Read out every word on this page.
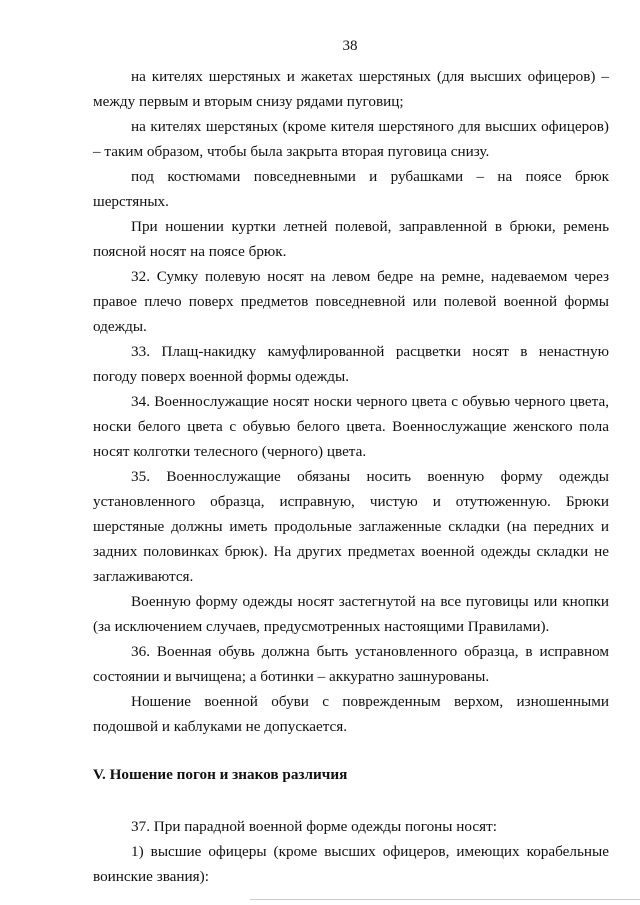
38

на кителях шерстяных и жакетах шерстяных (для высших офицеров) – между первым и вторым снизу рядами пуговиц;

на кителях шерстяных (кроме кителя шерстяного для высших офицеров) – таким образом, чтобы была закрыта вторая пуговица снизу.

под костюмами повседневными и рубашками – на поясе брюк шерстяных.

При ношении куртки летней полевой, заправленной в брюки, ремень поясной носят на поясе брюк.

32. Сумку полевую носят на левом бедре на ремне, надеваемом через правое плечо поверх предметов повседневной или полевой военной формы одежды.

33. Плащ-накидку камуфлированной расцветки носят в ненастную погоду поверх военной формы одежды.

34. Военнослужащие носят носки черного цвета с обувью черного цвета, носки белого цвета с обувью белого цвета. Военнослужащие женского пола носят колготки телесного (черного) цвета.

35. Военнослужащие обязаны носить военную форму одежды установленного образца, исправную, чистую и отутюженную. Брюки шерстяные должны иметь продольные заглаженные складки (на передних и задних половинках брюк). На других предметах военной одежды складки не заглаживаются.

Военную форму одежды носят застегнутой на все пуговицы или кнопки (за исключением случаев, предусмотренных настоящими Правилами).

36. Военная обувь должна быть установленного образца, в исправном состоянии и вычищена; а ботинки – аккуратно зашнурованы.

Ношение военной обуви с поврежденным верхом, изношенными подошвой и каблуками не допускается.

V. Ношение погон и знаков различия

37. При парадной военной форме одежды погоны носят:

1) высшие офицеры (кроме высших офицеров, имеющих корабельные воинские звания):
